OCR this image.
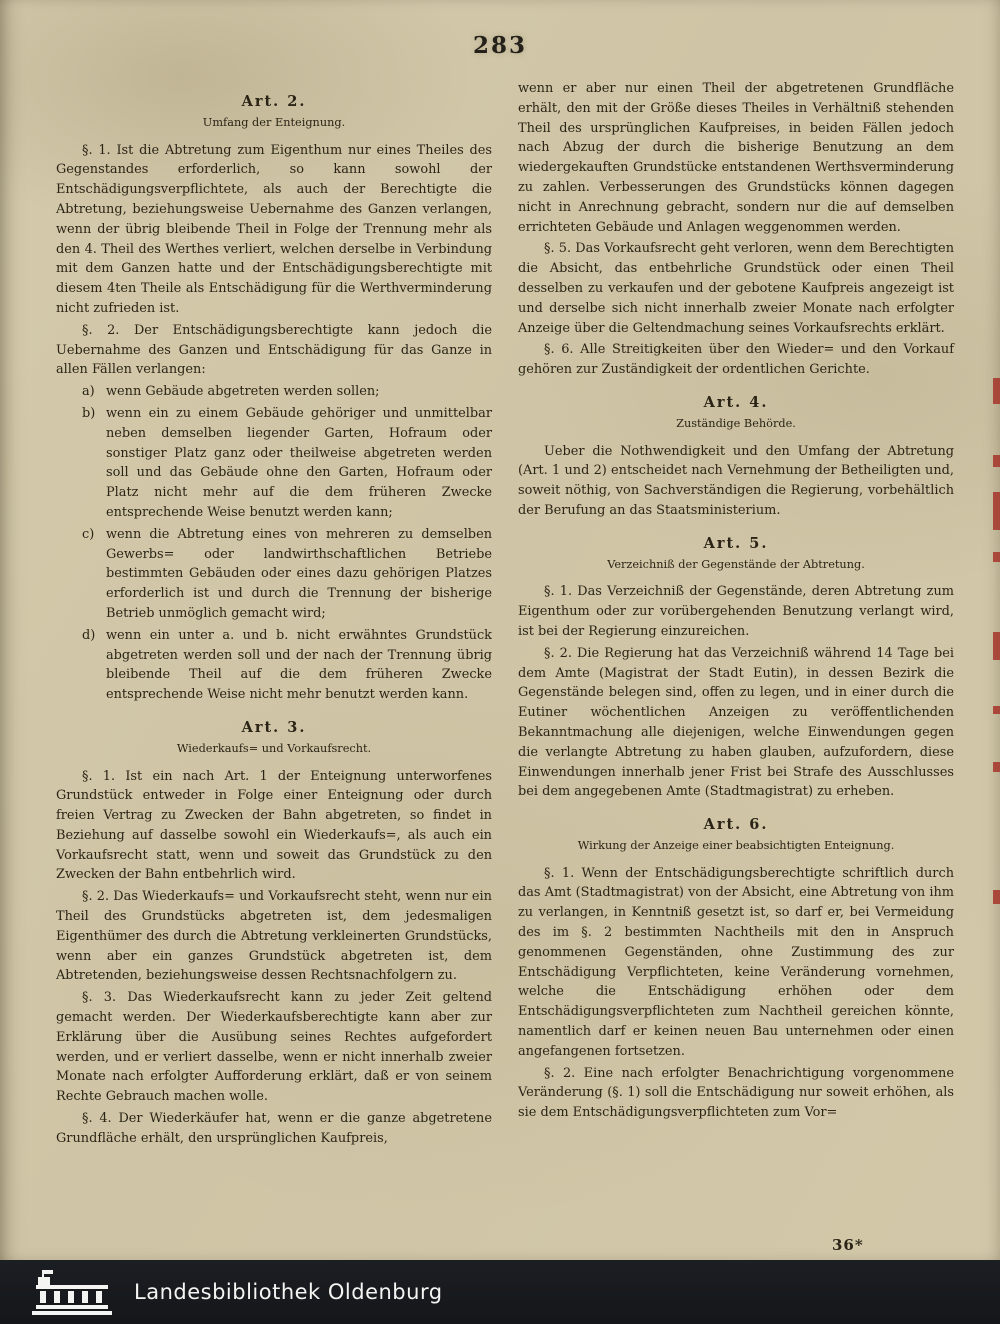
283
Art. 2.
Umfang der Enteignung.

§. 1. Ist die Abtretung zum Eigenthum nur eines Theiles des Gegenstandes erforderlich, so kann sowohl der Entschädigungsverpflichtete, als auch der Berechtigte die Abtretung, beziehungsweise Uebernahme des Ganzen verlangen, wenn der übrig bleibende Theil in Folge der Trennung mehr als den 4. Theil des Werthes verliert, welchen derselbe in Verbindung mit dem Ganzen hatte und der Entschädigungsberechtigte mit diesem 4ten Theile als Entschädigung für die Werthverminderung nicht zufrieden ist.

§. 2. Der Entschädigungsberechtigte kann jedoch die Uebernahme des Ganzen und Entschädigung für das Ganze in allen Fällen verlangen:

a) wenn Gebäude abgetreten werden sollen;
b) wenn ein zu einem Gebäude gehöriger und unmittelbar neben demselben liegender Garten, Hofraum oder sonstiger Platz ganz oder theilweise abgetreten werden soll und das Gebäude ohne den Garten, Hofraum oder Platz nicht mehr auf die dem früheren Zwecke entsprechende Weise benutzt werden kann;
c) wenn die Abtretung eines von mehreren zu demselben Gewerbs= oder landwirthschaftlichen Betriebe bestimmten Gebäuden oder eines dazu gehörigen Platzes erforderlich ist und durch die Trennung der bisherige Betrieb unmöglich gemacht wird;
d) wenn ein unter a. und b. nicht erwähntes Grundstück abgetreten werden soll und der nach der Trennung übrig bleibende Theil auf die dem früheren Zwecke entsprechende Weise nicht mehr benutzt werden kann.
Art. 3.
Wiederkaufs= und Vorkaufsrecht.

§. 1. Ist ein nach Art. 1 der Enteignung unterworfenes Grundstück entweder in Folge einer Enteignung oder durch freien Vertrag zu Zwecken der Bahn abgetreten, so findet in Beziehung auf dasselbe sowohl ein Wiederkaufs=, als auch ein Vorkaufsrecht statt, wenn und soweit das Grundstück zu den Zwecken der Bahn entbehrlich wird.

§. 2. Das Wiederkaufs= und Vorkaufsrecht steht, wenn nur ein Theil des Grundstücks abgetreten ist, dem jedesmaligen Eigenthümer des durch die Abtretung verkleinerten Grundstücks, wenn aber ein ganzes Grundstück abgetreten ist, dem Abtretenden, beziehungsweise dessen Rechtsnachfolgern zu.

§. 3. Das Wiederkaufsrecht kann zu jeder Zeit geltend gemacht werden. Der Wiederkaufsberechtigte kann aber zur Erklärung über die Ausübung seines Rechtes aufgefordert werden, und er verliert dasselbe, wenn er nicht innerhalb zweier Monate nach erfolgter Aufforderung erklärt, daß er von seinem Rechte Gebrauch machen wolle.

§. 4. Der Wiederkäufer hat, wenn er die ganze abgetretene Grundfläche erhält, den ursprünglichen Kaufpreis,

wenn er aber nur einen Theil der abgetretenen Grundfläche erhält, den mit der Größe dieses Theiles in Verhältniß stehenden Theil des ursprünglichen Kaufpreises, in beiden Fällen jedoch nach Abzug der durch die bisherige Benutzung an dem wiedergekauften Grundstücke entstandenen Werthsverminderung zu zahlen. Verbesserungen des Grundstücks können dagegen nicht in Anrechnung gebracht, sondern nur die auf demselben errichteten Gebäude und Anlagen weggenommen werden.

§. 5. Das Vorkaufsrecht geht verloren, wenn dem Berechtigten die Absicht, das entbehrliche Grundstück oder einen Theil desselben zu verkaufen und der gebotene Kaufpreis angezeigt ist und derselbe sich nicht innerhalb zweier Monate nach erfolgter Anzeige über die Geltendmachung seines Vorkaufsrechts erklärt.

§. 6. Alle Streitigkeiten über den Wieder= und den Vorkauf gehören zur Zuständigkeit der ordentlichen Gerichte.

Art. 4.
Zuständige Behörde.

Ueber die Nothwendigkeit und den Umfang der Abtretung (Art. 1 und 2) entscheidet nach Vernehmung der Betheiligten und, soweit nöthig, von Sachverständigen die Regierung, vorbehältlich der Berufung an das Staatsministerium.

Art. 5.
Verzeichniß der Gegenstände der Abtretung.

§. 1. Das Verzeichniß der Gegenstände, deren Abtretung zum Eigenthum oder zur vorübergehenden Benutzung verlangt wird, ist bei der Regierung einzureichen.

§. 2. Die Regierung hat das Verzeichniß während 14 Tage bei dem Amte (Magistrat der Stadt Eutin), in dessen Bezirk die Gegenstände belegen sind, offen zu legen, und in einer durch die Eutiner wöchentlichen Anzeigen zu veröffentlichenden Bekanntmachung alle diejenigen, welche Einwendungen gegen die verlangte Abtretung zu haben glauben, aufzufordern, diese Einwendungen innerhalb jener Frist bei Strafe des Ausschlusses bei dem angegebenen Amte (Stadtmagistrat) zu erheben.

Art. 6.
Wirkung der Anzeige einer beabsichtigten Enteignung.

§. 1. Wenn der Entschädigungsberechtigte schriftlich durch das Amt (Stadtmagistrat) von der Absicht, eine Abtretung von ihm zu verlangen, in Kenntniß gesetzt ist, so darf er, bei Vermeidung des im §. 2 bestimmten Nachtheils mit den in Anspruch genommenen Gegenständen, ohne Zustimmung des zur Entschädigung Verpflichteten, keine Veränderung vornehmen, welche die Entschädigung erhöhen oder dem Entschädigungsverpflichteten zum Nachtheil gereichen könnte, namentlich darf er keinen neuen Bau unternehmen oder einen angefangenen fortsetzen.

§. 2. Eine nach erfolgter Benachrichtigung vorgenommene Veränderung (§. 1) soll die Entschädigung nur soweit erhöhen, als sie dem Entschädigungsverpflichteten zum Vor=

36*
Landesbibliothek Oldenburg
